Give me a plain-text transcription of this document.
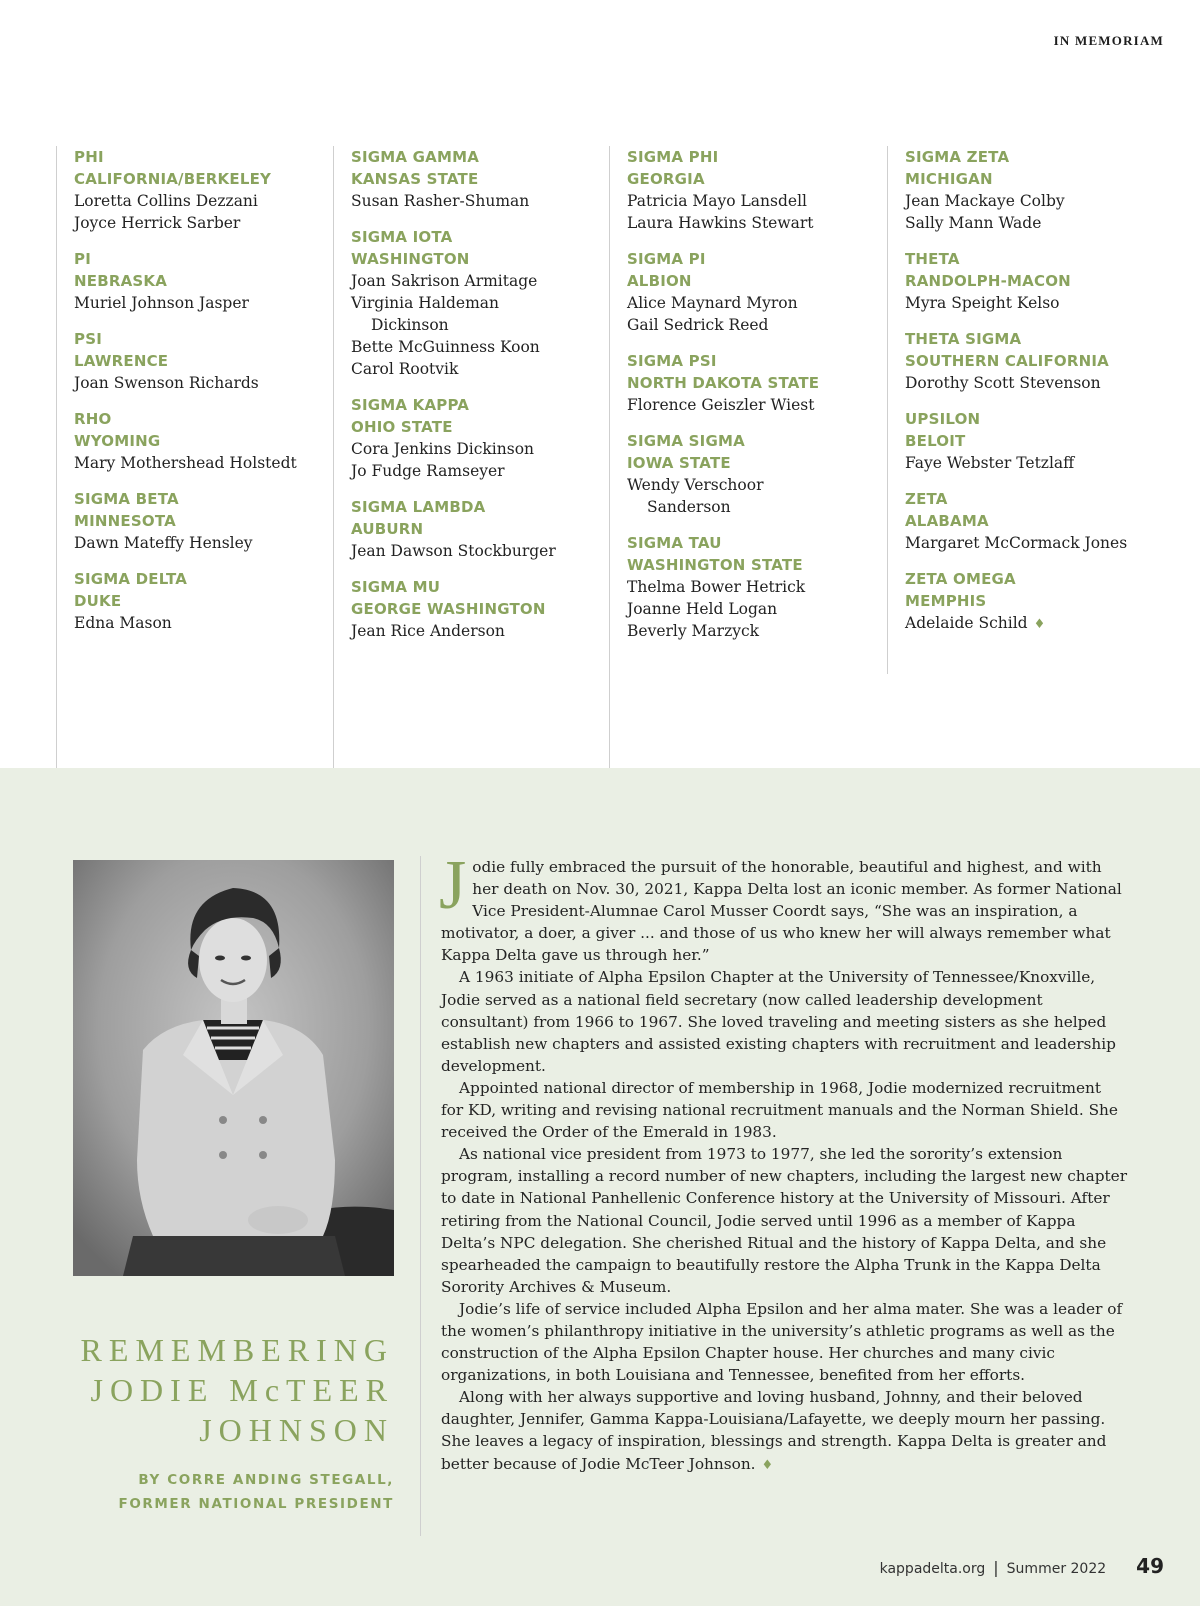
IN MEMORIAM
PHI
CALIFORNIA/BERKELEY
Loretta Collins Dezzani
Joyce Herrick Sarber
PI
NEBRASKA
Muriel Johnson Jasper
PSI
LAWRENCE
Joan Swenson Richards
RHO
WYOMING
Mary Mothershead Holstedt
SIGMA BETA
MINNESOTA
Dawn Mateffy Hensley
SIGMA DELTA
DUKE
Edna Mason
SIGMA GAMMA
KANSAS STATE
Susan Rasher-Shuman
SIGMA IOTA
WASHINGTON
Joan Sakrison Armitage
Virginia Haldeman
Dickinson
Bette McGuinness Koon
Carol Rootvik
SIGMA KAPPA
OHIO STATE
Cora Jenkins Dickinson
Jo Fudge Ramseyer
SIGMA LAMBDA
AUBURN
Jean Dawson Stockburger
SIGMA MU
GEORGE WASHINGTON
Jean Rice Anderson
SIGMA PHI
GEORGIA
Patricia Mayo Lansdell
Laura Hawkins Stewart
SIGMA PI
ALBION
Alice Maynard Myron
Gail Sedrick Reed
SIGMA PSI
NORTH DAKOTA STATE
Florence Geiszler Wiest
SIGMA SIGMA
IOWA STATE
Wendy Verschoor
Sanderson
SIGMA TAU
WASHINGTON STATE
Thelma Bower Hetrick
Joanne Held Logan
Beverly Marzyck
SIGMA ZETA
MICHIGAN
Jean Mackaye Colby
Sally Mann Wade
THETA
RANDOLPH-MACON
Myra Speight Kelso
THETA SIGMA
SOUTHERN CALIFORNIA
Dorothy Scott Stevenson
UPSILON
BELOIT
Faye Webster Tetzlaff
ZETA
ALABAMA
Margaret McCormack Jones
ZETA OMEGA
MEMPHIS
Adelaide Schild ♦
REMEMBERING
JODIE McTEER
JOHNSON
BY CORRE ANDING STEGALL,
FORMER NATIONAL PRESIDENT

Jodie fully embraced the pursuit of the honorable, beautiful and highest, and with her death on Nov. 30, 2021, Kappa Delta lost an iconic member. As former National Vice President-Alumnae Carol Musser Coordt says, “She was an inspiration, a motivator, a doer, a giver ... and those of us who knew her will always remember what Kappa Delta gave us through her.”

A 1963 initiate of Alpha Epsilon Chapter at the University of Tennessee/Knoxville, Jodie served as a national field secretary (now called leadership development consultant) from 1966 to 1967. She loved traveling and meeting sisters as she helped establish new chapters and assisted existing chapters with recruitment and leadership development.

Appointed national director of membership in 1968, Jodie modernized recruitment for KD, writing and revising national recruitment manuals and the Norman Shield. She received the Order of the Emerald in 1983.

As national vice president from 1973 to 1977, she led the sorority’s extension program, installing a record number of new chapters, including the largest new chapter to date in National Panhellenic Conference history at the University of Missouri. After retiring from the National Council, Jodie served until 1996 as a member of Kappa Delta’s NPC delegation. She cherished Ritual and the history of Kappa Delta, and she spearheaded the campaign to beautifully restore the Alpha Trunk in the Kappa Delta Sorority Archives & Museum.

Jodie’s life of service included Alpha Epsilon and her alma mater. She was a leader of the women’s philanthropy initiative in the university’s athletic programs as well as the construction of the Alpha Epsilon Chapter house. Her churches and many civic organizations, in both Louisiana and Tennessee, benefited from her efforts.

Along with her always supportive and loving husband, Johnny, and their beloved daughter, Jennifer, Gamma Kappa-Louisiana/Lafayette, we deeply mourn her passing. She leaves a legacy of inspiration, blessings and strength. Kappa Delta is greater and better because of Jodie McTeer Johnson. ♦

kappadelta.org | Summer 2022 49
